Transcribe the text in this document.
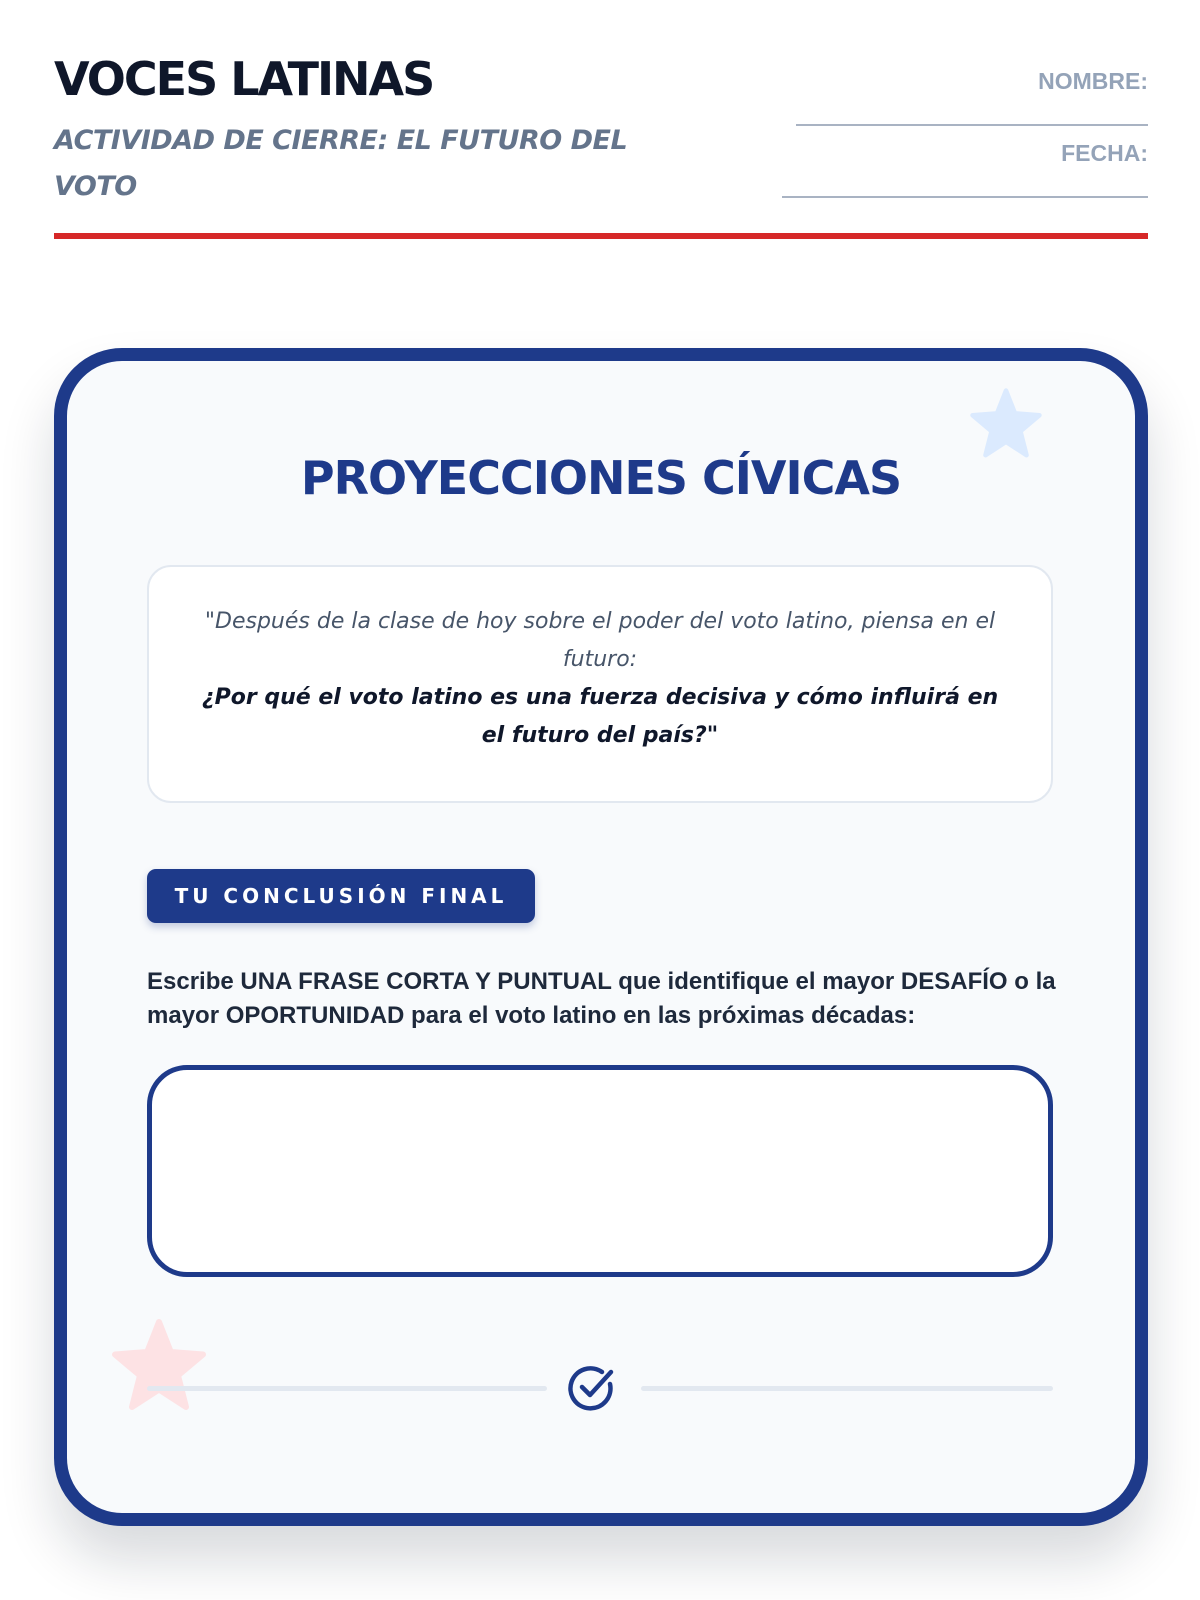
VOCES LATINAS
ACTIVIDAD DE CIERRE: EL FUTURO DEL VOTO
NOMBRE:
FECHA:
PROYECCIONES CÍVICAS
"Después de la clase de hoy sobre el poder del voto latino, piensa en el futuro:
¿Por qué el voto latino es una fuerza decisiva y cómo influirá en el futuro del país?"
TU CONCLUSIÓN FINAL
Escribe UNA FRASE CORTA Y PUNTUAL que identifique el mayor DESAFÍO o la mayor OPORTUNIDAD para el voto latino en las próximas décadas:
